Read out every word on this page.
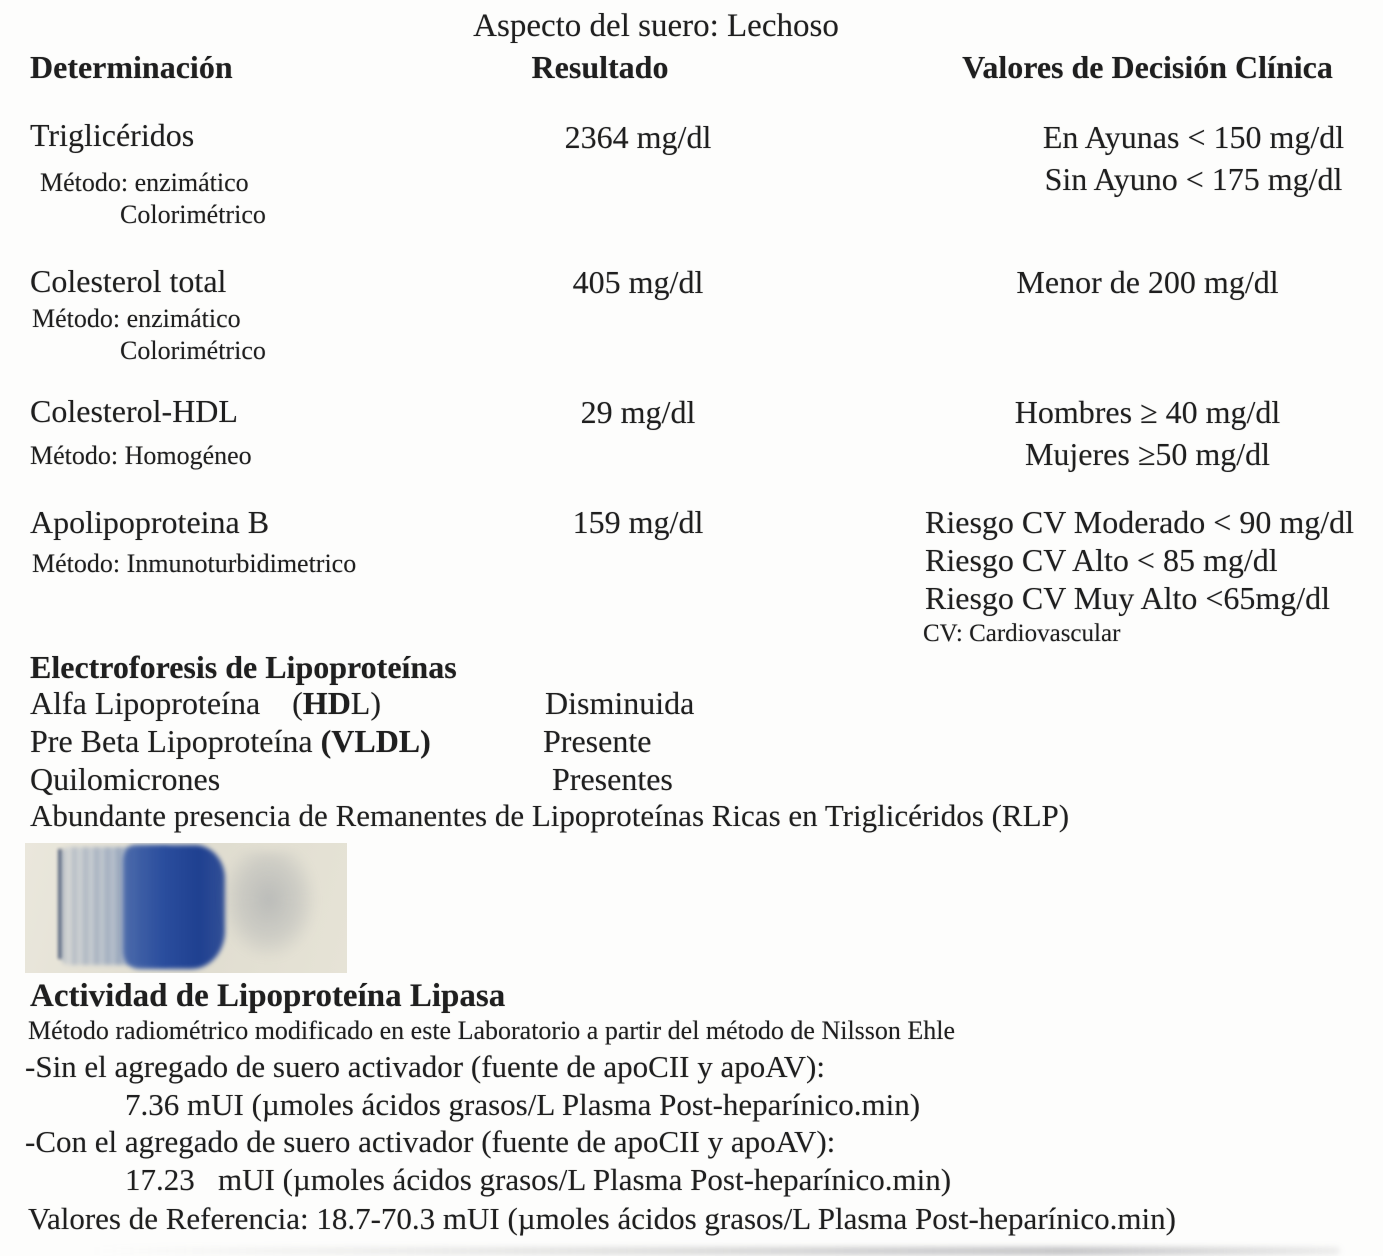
Aspecto del suero: Lechoso
Determinación	Resultado	Valores de Decisión Clínica
Triglicéridos	2364 mg/dl	En Ayunas < 150 mg/dl
Sin Ayuno < 175 mg/dl
Método: enzimático
Colorimétrico
Colesterol total	405 mg/dl	Menor de 200 mg/dl
Método: enzimático
Colorimétrico
Colesterol-HDL	29 mg/dl	Hombres ≥ 40 mg/dl
Mujeres ≥50 mg/dl
Método: Homogéneo
Apolipoproteina B	159 mg/dl	Riesgo CV Moderado < 90 mg/dl
Riesgo CV Alto < 85 mg/dl
Riesgo CV Muy Alto <65mg/dl
CV: Cardiovascular
Método: Inmunoturbidimetrico
Electroforesis de Lipoproteínas
Alfa Lipoproteína    (HDL)	Disminuida
Pre Beta Lipoproteína (VLDL)	Presente
Quilomicrones	Presentes
Abundante presencia de Remanentes de Lipoproteínas Ricas en Triglicéridos (RLP)
Actividad de Lipoproteína Lipasa
Método radiométrico modificado en este Laboratorio a partir del método de Nilsson Ehle
-Sin el agregado de suero activador (fuente de apoCII y apoAV):
7.36 mUI (µmoles ácidos grasos/L Plasma Post-heparínico.min)
-Con el agregado de suero activador (fuente de apoCII y apoAV):
17.23   mUI (µmoles ácidos grasos/L Plasma Post-heparínico.min)
Valores de Referencia: 18.7-70.3 mUI (µmoles ácidos grasos/L Plasma Post-heparínico.min)
